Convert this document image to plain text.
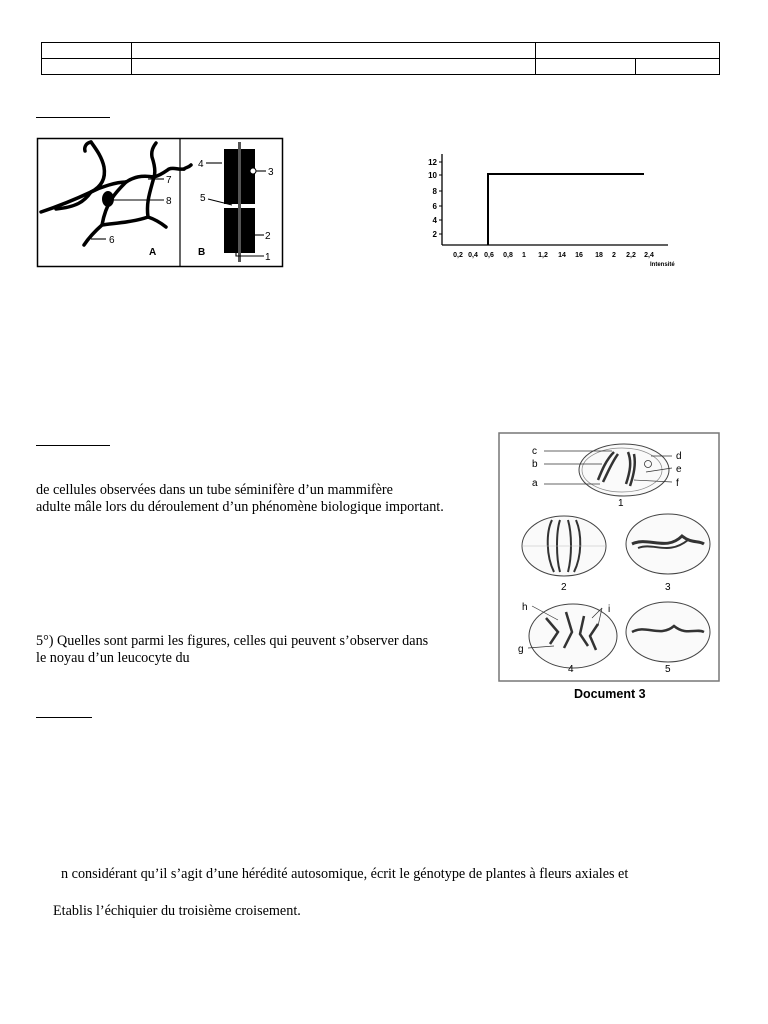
7
8
6
A
4
3
5
2
1
B
12
10
8
6
4
2
0,2 0,4 0,6 0,8 1 1,2 14 16 18 2 2,2 2,4
Intensité
de cellules observées dans un tube séminifère d’un mammifère
adulte mâle lors du déroulement d’un phénomène biologique important.
5°) Quelles sont parmi les figures, celles qui peuvent s’observer dans
le noyau d’un leucocyte du
c
b
a
d
e
f
1
2	3
h	i
g
4	5
Document 3
n considérant qu’il s’agit d’une hérédité autosomique, écrit le génotype de plantes à fleurs axiales et
Etablis l’échiquier du troisième croisement.
